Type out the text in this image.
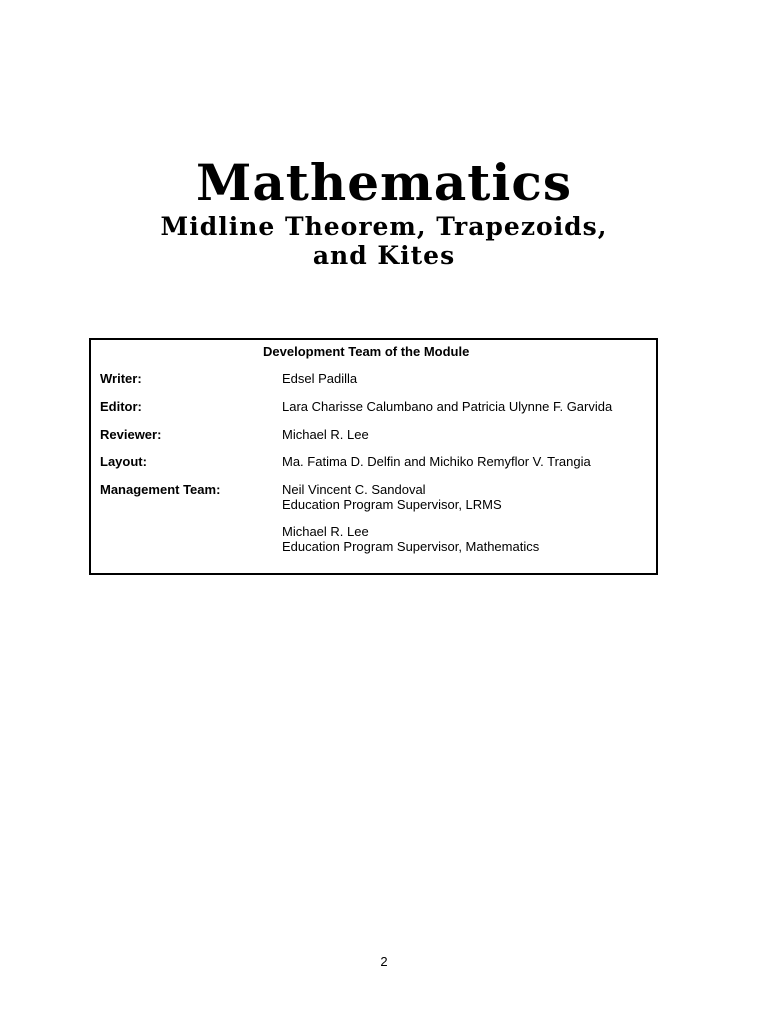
Mathematics
Midline Theorem, Trapezoids,
and Kites
Development Team of the Module
Writer:	Edsel Padilla
Editor:	Lara Charisse Calumbano and Patricia Ulynne F. Garvida
Reviewer:	Michael R. Lee
Layout:	Ma. Fatima D. Delfin and Michiko Remyflor V. Trangia
Management Team:	Neil Vincent C. Sandoval
Education Program Supervisor, LRMS
Michael R. Lee
Education Program Supervisor, Mathematics
2
